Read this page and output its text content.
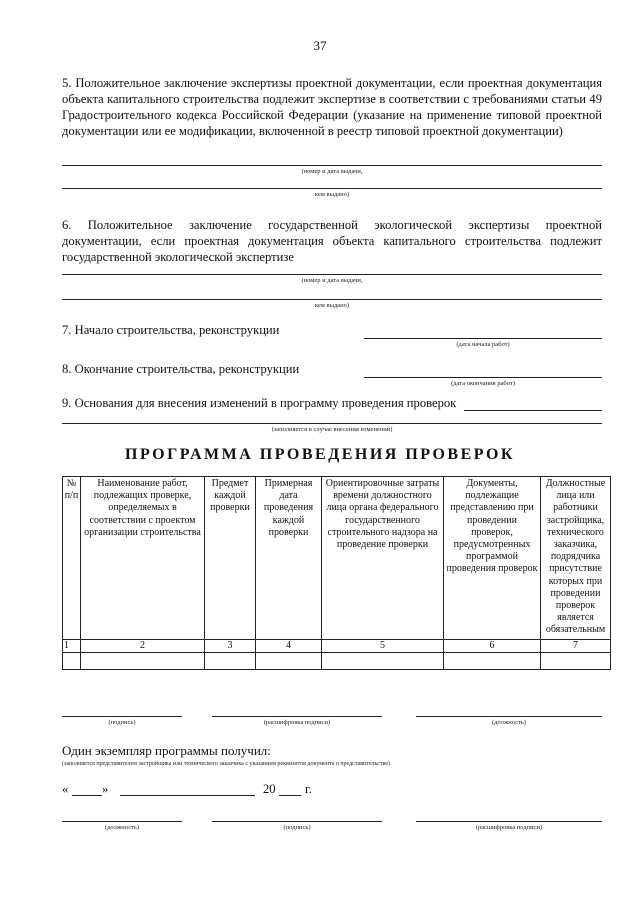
37
5. Положительное заключение экспертизы проектной документации, если проектная документация объекта капитального строительства подлежит экспертизе в соответствии с требованиями статьи 49 Градостроительного кодекса Российской Федерации (указание на применение типовой проектной документации или ее модификации, включенной в реестр типовой проектной документации)
(номер и дата выдачи,
кем выдано)
6. Положительное заключение государственной экологической экспертизы проектной документации, если проектная документация объекта капитального строительства подлежит государственной экологической экспертизе
(номер и дата выдачи,
кем выдано)
7. Начало строительства, реконструкции
(дата начала работ)
8. Окончание строительства, реконструкции
(дата окончания работ)
9. Основания для внесения изменений в программу проведения проверок
(заполняется в случае внесения изменений)
ПРОГРАММА ПРОВЕДЕНИЯ ПРОВЕРОК
№ п/п	Наименование работ, подлежащих проверке, определяемых в соответствии с проектом организации строительства	Предмет каждой проверки	Примерная дата проведения каждой проверки	Ориентировочные затраты времени должностного лица органа федерального государственного строительного надзора на проведение проверки	Документы, подлежащие представлению при проведении проверок, предусмотренных программой проведения проверок	Должностные лица или работники застройщика, технического заказчика, подрядчика присутствие которых при проведении проверок является обязательным
1	2	3	4	5	6	7

(подпись)	(расшифровка подписи)	(должность)
Один экземпляр программы получил:
(заполняется представителем застройщика или технического заказчика с указанием реквизитов документа о представительстве)
«	»	20 г.
(должность)	(подпись)	(расшифровка подписи)
